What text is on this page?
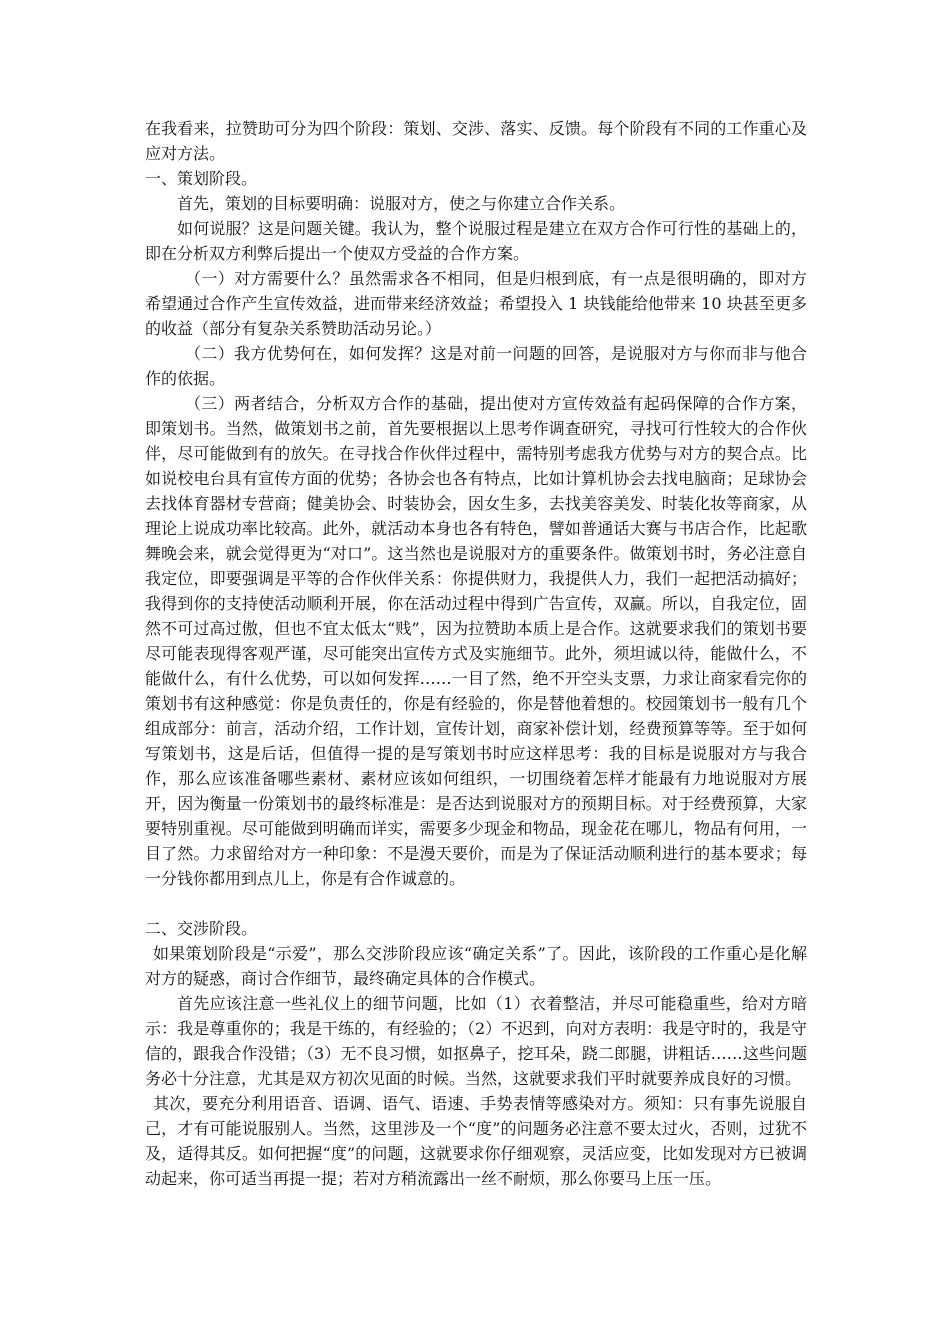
在我看来，拉赞助可分为四个阶段：策划、交涉、落实、反馈。每个阶段有不同的工作重心及应对方法。

一、策划阶段。

首先，策划的目标要明确：说服对方，使之与你建立合作关系。

如何说服？这是问题关键。我认为，整个说服过程是建立在双方合作可行性的基础上的，即在分析双方利弊后提出一个使双方受益的合作方案。

（一）对方需要什么？虽然需求各不相同，但是归根到底，有一点是很明确的，即对方希望通过合作产生宣传效益，进而带来经济效益；希望投入 1 块钱能给他带来 10 块甚至更多的收益（部分有复杂关系赞助活动另论。）

（二）我方优势何在，如何发挥？这是对前一问题的回答，是说服对方与你而非与他合作的依据。

（三）两者结合，分析双方合作的基础，提出使对方宣传效益有起码保障的合作方案，即策划书。当然，做策划书之前，首先要根据以上思考作调查研究，寻找可行性较大的合作伙伴，尽可能做到有的放矢。在寻找合作伙伴过程中，需特别考虑我方优势与对方的契合点。比如说校电台具有宣传方面的优势；各协会也各有特点，比如计算机协会去找电脑商；足球协会去找体育器材专营商；健美协会、时装协会，因女生多，去找美容美发、时装化妆等商家，从理论上说成功率比较高。此外，就活动本身也各有特色，譬如普通话大赛与书店合作，比起歌舞晚会来，就会觉得更为“对口”。这当然也是说服对方的重要条件。做策划书时，务必注意自我定位，即要强调是平等的合作伙伴关系：你提供财力，我提供人力，我们一起把活动搞好；我得到你的支持使活动顺利开展，你在活动过程中得到广告宣传，双赢。所以，自我定位，固然不可过高过傲，但也不宜太低太“贱”，因为拉赞助本质上是合作。这就要求我们的策划书要尽可能表现得客观严谨，尽可能突出宣传方式及实施细节。此外，须坦诚以待，能做什么，不能做什么，有什么优势，可以如何发挥……一目了然，绝不开空头支票，力求让商家看完你的策划书有这种感觉：你是负责任的，你是有经验的，你是替他着想的。校园策划书一般有几个组成部分：前言，活动介绍，工作计划，宣传计划，商家补偿计划，经费预算等等。至于如何写策划书，这是后话，但值得一提的是写策划书时应这样思考：我的目标是说服对方与我合作，那么应该准备哪些素材、素材应该如何组织，一切围绕着怎样才能最有力地说服对方展开，因为衡量一份策划书的最终标准是：是否达到说服对方的预期目标。对于经费预算，大家要特别重视。尽可能做到明确而详实，需要多少现金和物品，现金花在哪儿，物品有何用，一目了然。力求留给对方一种印象：不是漫天要价，而是为了保证活动顺利进行的基本要求；每一分钱你都用到点儿上，你是有合作诚意的。

二、交涉阶段。

如果策划阶段是“示爱”，那么交涉阶段应该“确定关系”了。因此，该阶段的工作重心是化解对方的疑惑，商讨合作细节，最终确定具体的合作模式。

首先应该注意一些礼仪上的细节问题，比如（1）衣着整洁，并尽可能稳重些，给对方暗示：我是尊重你的；我是干练的，有经验的；（2）不迟到，向对方表明：我是守时的，我是守信的，跟我合作没错；（3）无不良习惯，如抠鼻子，挖耳朵，跷二郎腿，讲粗话……这些问题务必十分注意，尤其是双方初次见面的时候。当然，这就要求我们平时就要养成良好的习惯。

其次，要充分利用语音、语调、语气、语速、手势表情等感染对方。须知：只有事先说服自己，才有可能说服别人。当然，这里涉及一个“度”的问题务必注意不要太过火，否则，过犹不及，适得其反。如何把握“度”的问题，这就要求你仔细观察，灵活应变，比如发现对方已被调动起来，你可适当再提一提；若对方稍流露出一丝不耐烦，那么你要马上压一压。
